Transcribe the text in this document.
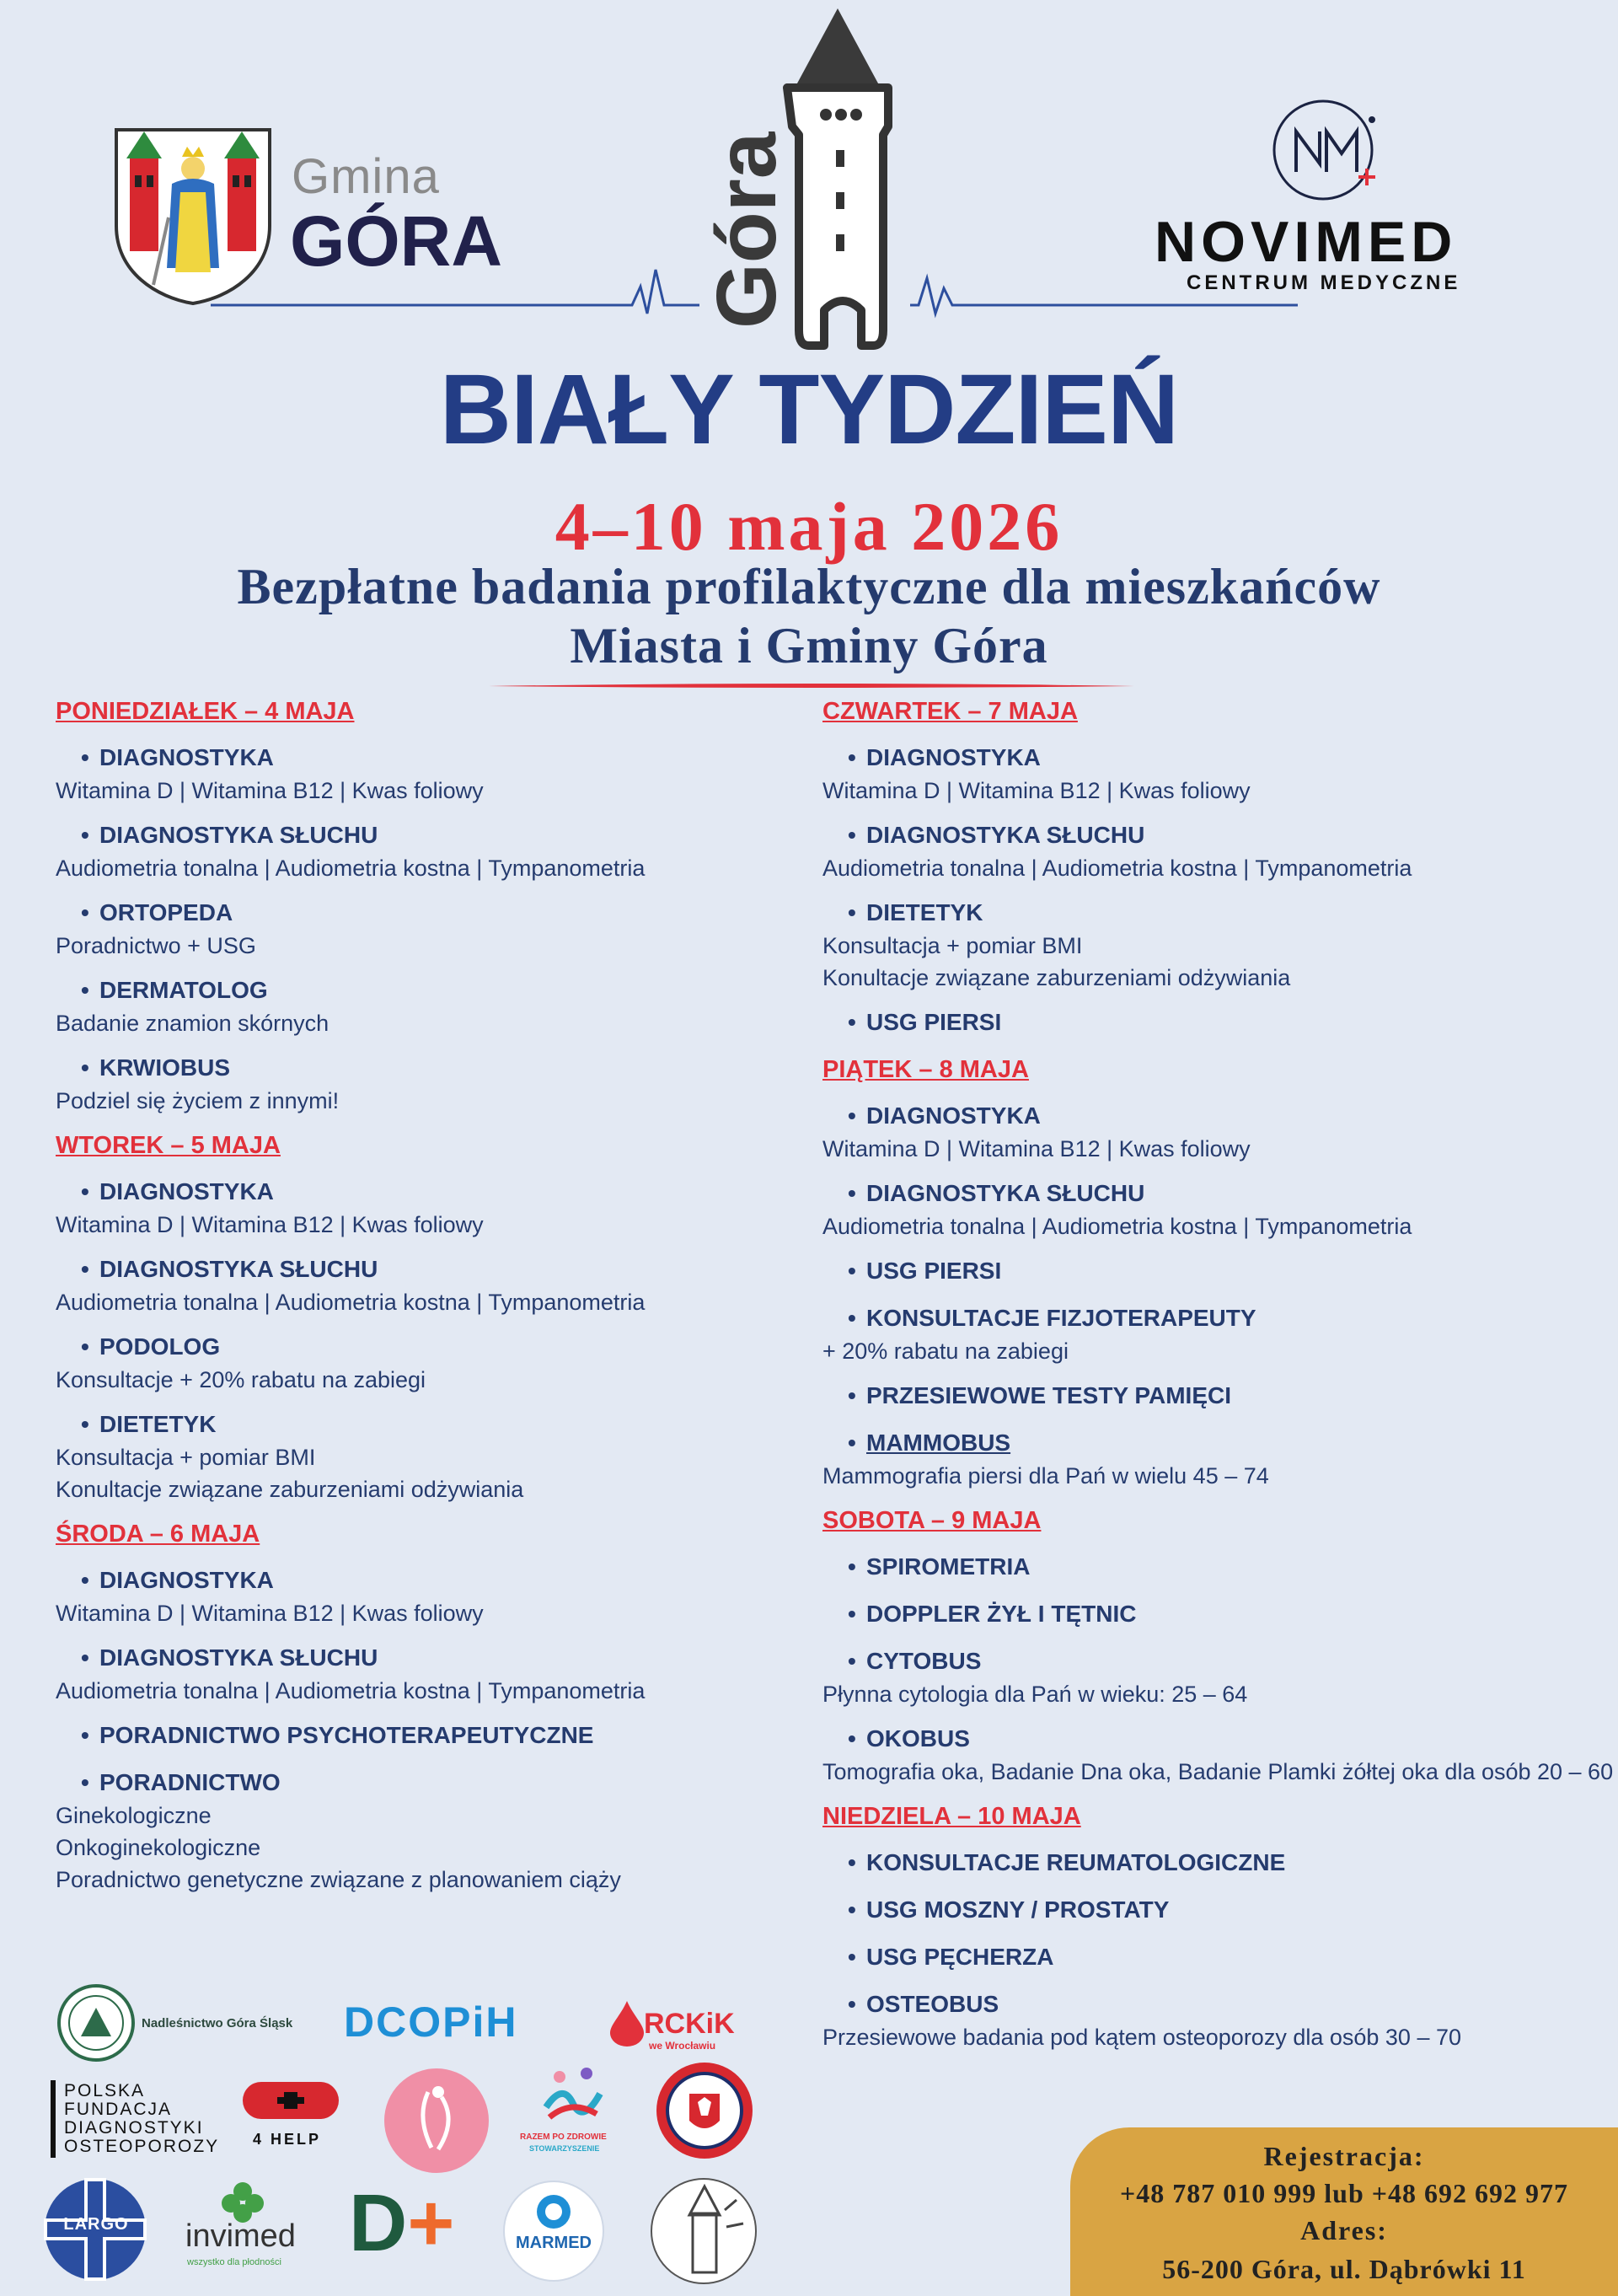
Gmina
GÓRA Góra	NOVIMED
CENTRUM MEDYCZNE
BIAŁY TYDZIEŃ
4–10 maja 2026
Bezpłatne badania profilaktyczne dla mieszkańców
Miasta i Gminy Góra
PONIEDZIAŁEK – 4 MAJA
• DIAGNOSTYKA
Witamina D | Witamina B12 | Kwas foliowy
• DIAGNOSTYKA SŁUCHU
Audiometria tonalna | Audiometria kostna | Tympanometria
• ORTOPEDA
Poradnictwo + USG
• DERMATOLOG
Badanie znamion skórnych
• KRWIOBUS
Podziel się życiem z innymi!
WTOREK – 5 MAJA
• DIAGNOSTYKA
Witamina D | Witamina B12 | Kwas foliowy
• DIAGNOSTYKA SŁUCHU
Audiometria tonalna | Audiometria kostna | Tympanometria
• PODOLOG
Konsultacje + 20% rabatu na zabiegi
• DIETETYK
Konsultacja + pomiar BMI
Konultacje związane zaburzeniami odżywiania
ŚRODA – 6 MAJA
• DIAGNOSTYKA
Witamina D | Witamina B12 | Kwas foliowy
• DIAGNOSTYKA SŁUCHU
Audiometria tonalna | Audiometria kostna | Tympanometria
• PORADNICTWO PSYCHOTERAPEUTYCZNE
• PORADNICTWO
Ginekologiczne
Onkoginekologiczne
Poradnictwo genetyczne związane z planowaniem ciąży
CZWARTEK – 7 MAJA
• DIAGNOSTYKA
Witamina D | Witamina B12 | Kwas foliowy
• DIAGNOSTYKA SŁUCHU
Audiometria tonalna | Audiometria kostna | Tympanometria
• DIETETYK
Konsultacja + pomiar BMI
Konultacje związane zaburzeniami odżywiania
• USG PIERSI
PIĄTEK – 8 MAJA
• DIAGNOSTYKA
Witamina D | Witamina B12 | Kwas foliowy
• DIAGNOSTYKA SŁUCHU
Audiometria tonalna | Audiometria kostna | Tympanometria
• USG PIERSI
• KONSULTACJE FIZJOTERAPEUTY
+ 20% rabatu na zabiegi
• PRZESIEWOWE TESTY PAMIĘCI
• MAMMOBUS
Mammografia piersi dla Pań w wielu 45 – 74
SOBOTA – 9 MAJA
• SPIROMETRIA
• DOPPLER ŻYŁ I TĘTNIC
• CYTOBUS
Płynna cytologia dla Pań w wieku: 25 – 64
• OKOBUS
Tomografia oka, Badanie Dna oka, Badanie Plamki żółtej oka dla osób 20 – 60
NIEDZIELA – 10 MAJA
• KONSULTACJE REUMATOLOGICZNE
• USG MOSZNY / PROSTATY
• USG PĘCHERZA
• OSTEOBUS
Przesiewowe badania pod kątem osteoporozy dla osób 30 – 70
Nadleśnictwo Góra Śląsk DCOPiH	RCKiK
we Wrocławiu
POLSKA
FUNDACJA
DIAGNOSTYKI
OSTEOPOROZY 4 HELP	RAZEM PO ZDROWIE
STOWARZYSZENIE
LARGO	invimed
wszystko dla płodności D+	MARMED
Rejestracja:
+48 787 010 999 lub +48 692 692 977
Adres:
56-200 Góra, ul. Dąbrówki 11
